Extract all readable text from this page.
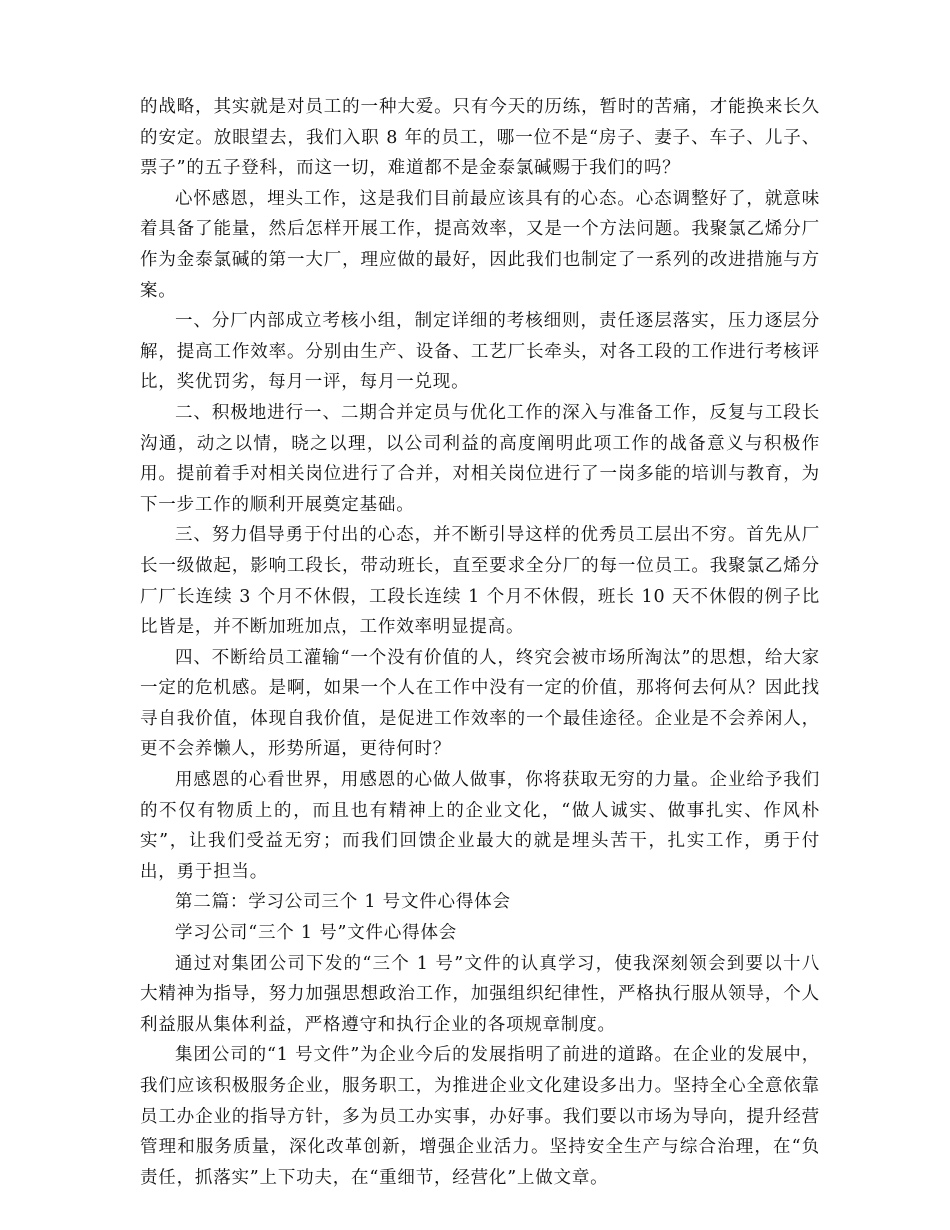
的战略，其实就是对员工的一种大爱。只有今天的历练，暂时的苦痛，才能换来长久的安定。放眼望去，我们入职 8 年的员工，哪一位不是“房子、妻子、车子、儿子、票子”的五子登科，而这一切，难道都不是金泰氯碱赐于我们的吗？

心怀感恩，埋头工作，这是我们目前最应该具有的心态。心态调整好了，就意味着具备了能量，然后怎样开展工作，提高效率，又是一个方法问题。我聚氯乙烯分厂作为金泰氯碱的第一大厂，理应做的最好，因此我们也制定了一系列的改进措施与方案。

一、分厂内部成立考核小组，制定详细的考核细则，责任逐层落实，压力逐层分解，提高工作效率。分别由生产、设备、工艺厂长牵头，对各工段的工作进行考核评比，奖优罚劣，每月一评，每月一兑现。

二、积极地进行一、二期合并定员与优化工作的深入与准备工作，反复与工段长沟通，动之以情，晓之以理，以公司利益的高度阐明此项工作的战备意义与积极作用。提前着手对相关岗位进行了合并，对相关岗位进行了一岗多能的培训与教育，为下一步工作的顺利开展奠定基础。

三、努力倡导勇于付出的心态，并不断引导这样的优秀员工层出不穷。首先从厂长一级做起，影响工段长，带动班长，直至要求全分厂的每一位员工。我聚氯乙烯分厂厂长连续 3 个月不休假，工段长连续 1 个月不休假，班长 10 天不休假的例子比比皆是，并不断加班加点，工作效率明显提高。

四、不断给员工灌输“一个没有价值的人，终究会被市场所淘汰”的思想，给大家一定的危机感。是啊，如果一个人在工作中没有一定的价值，那将何去何从？因此找寻自我价值，体现自我价值，是促进工作效率的一个最佳途径。企业是不会养闲人，更不会养懒人，形势所逼，更待何时？

用感恩的心看世界，用感恩的心做人做事，你将获取无穷的力量。企业给予我们的不仅有物质上的，而且也有精神上的企业文化，“做人诚实、做事扎实、作风朴实”，让我们受益无穷；而我们回馈企业最大的就是埋头苦干，扎实工作，勇于付出，勇于担当。

第二篇：学习公司三个 1 号文件心得体会

学习公司“三个 1 号”文件心得体会

通过对集团公司下发的“三个 1 号”文件的认真学习，使我深刻领会到要以十八大精神为指导，努力加强思想政治工作，加强组织纪律性，严格执行服从领导，个人利益服从集体利益，严格遵守和执行企业的各项规章制度。

集团公司的“1 号文件”为企业今后的发展指明了前进的道路。在企业的发展中，我们应该积极服务企业，服务职工，为推进企业文化建设多出力。坚持全心全意依靠员工办企业的指导方针，多为员工办实事，办好事。我们要以市场为导向，提升经营管理和服务质量，深化改革创新，增强企业活力。坚持安全生产与综合治理，在“负责任，抓落实”上下功夫，在“重细节，经营化”上做文章。
